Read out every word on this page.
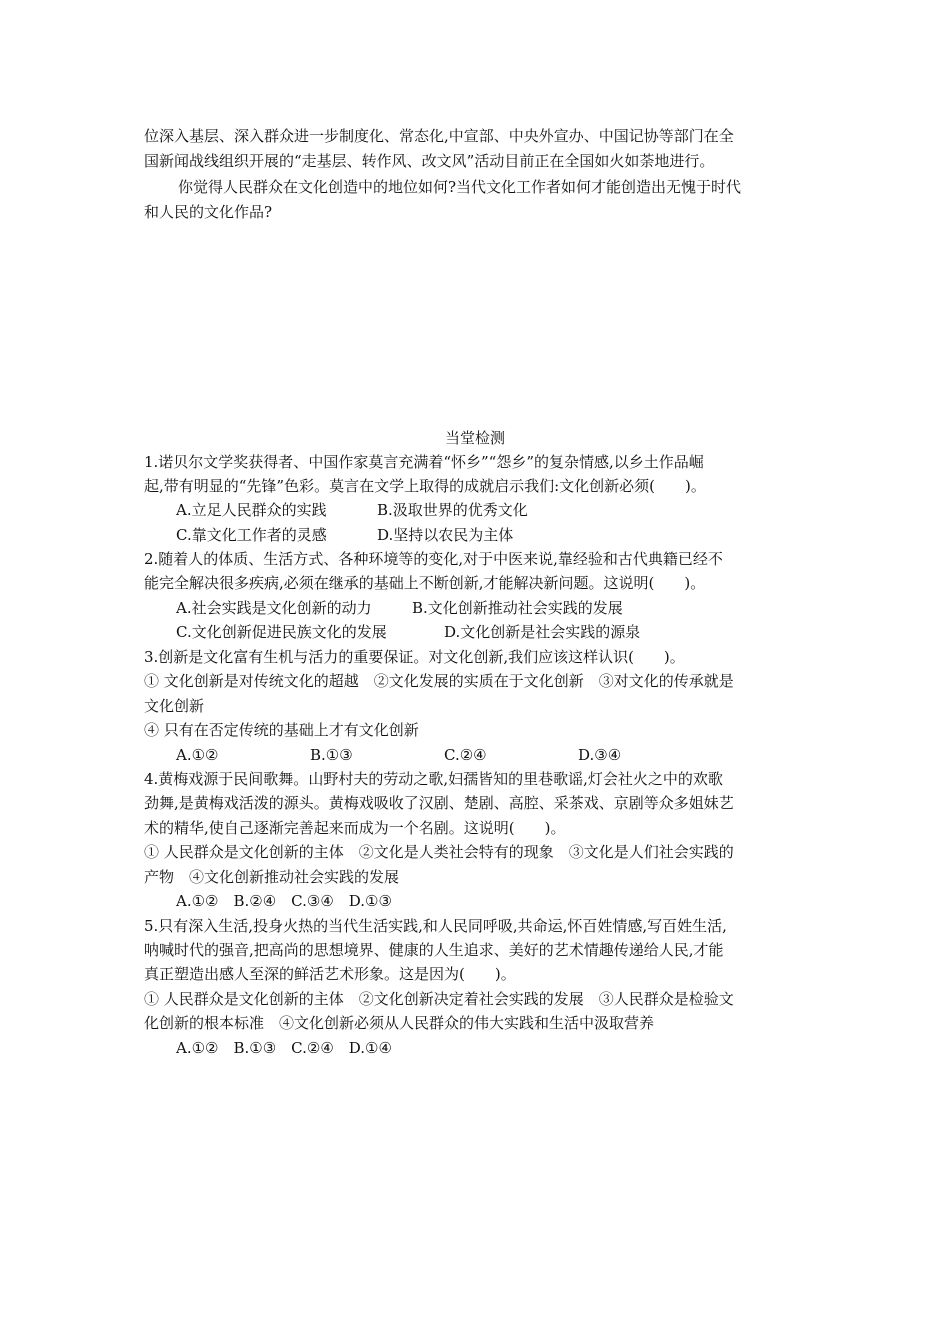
位深入基层、深入群众进一步制度化、常态化,中宣部、中央外宣办、中国记协等部门在全
国新闻战线组织开展的“走基层、转作风、改文风”活动目前正在全国如火如荼地进行。
你觉得人民群众在文化创造中的地位如何?当代文化工作者如何才能创造出无愧于时代
和人民的文化作品?
当堂检测
1.诺贝尔文学奖获得者、中国作家莫言充满着“怀乡”“怨乡”的复杂情感,以乡土作品崛
起,带有明显的“先锋”色彩。莫言在文学上取得的成就启示我们:文化创新必须(　　)。
A.立足人民群众的实践	B.汲取世界的优秀文化
C.靠文化工作者的灵感	D.坚持以农民为主体
2.随着人的体质、生活方式、各种环境等的变化,对于中医来说,靠经验和古代典籍已经不
能完全解决很多疾病,必须在继承的基础上不断创新,才能解决新问题。这说明(　　)。
A.社会实践是文化创新的动力	B.文化创新推动社会实践的发展
C.文化创新促进民族文化的发展	D.文化创新是社会实践的源泉
3.创新是文化富有生机与活力的重要保证。对文化创新,我们应该这样认识(　　)。
① 文化创新是对传统文化的超越　②文化发展的实质在于文化创新　③对文化的传承就是
文化创新
④ 只有在否定传统的基础上才有文化创新
A.①②	B.①③	C.②④	D.③④
4.黄梅戏源于民间歌舞。山野村夫的劳动之歌,妇孺皆知的里巷歌谣,灯会社火之中的欢歌
劲舞,是黄梅戏活泼的源头。黄梅戏吸收了汉剧、楚剧、高腔、采茶戏、京剧等众多姐妹艺
术的精华,使自己逐渐完善起来而成为一个名剧。这说明(　　)。
① 人民群众是文化创新的主体　②文化是人类社会特有的现象　③文化是人们社会实践的
产物　④文化创新推动社会实践的发展
A.①②　B.②④　C.③④　D.①③
5.只有深入生活,投身火热的当代生活实践,和人民同呼吸,共命运,怀百姓情感,写百姓生活,
呐喊时代的强音,把高尚的思想境界、健康的人生追求、美好的艺术情趣传递给人民,才能
真正塑造出感人至深的鲜活艺术形象。这是因为(　　)。
① 人民群众是文化创新的主体　②文化创新决定着社会实践的发展　③人民群众是检验文
化创新的根本标准　④文化创新必须从人民群众的伟大实践和生活中汲取营养
A.①②　B.①③　C.②④　D.①④
